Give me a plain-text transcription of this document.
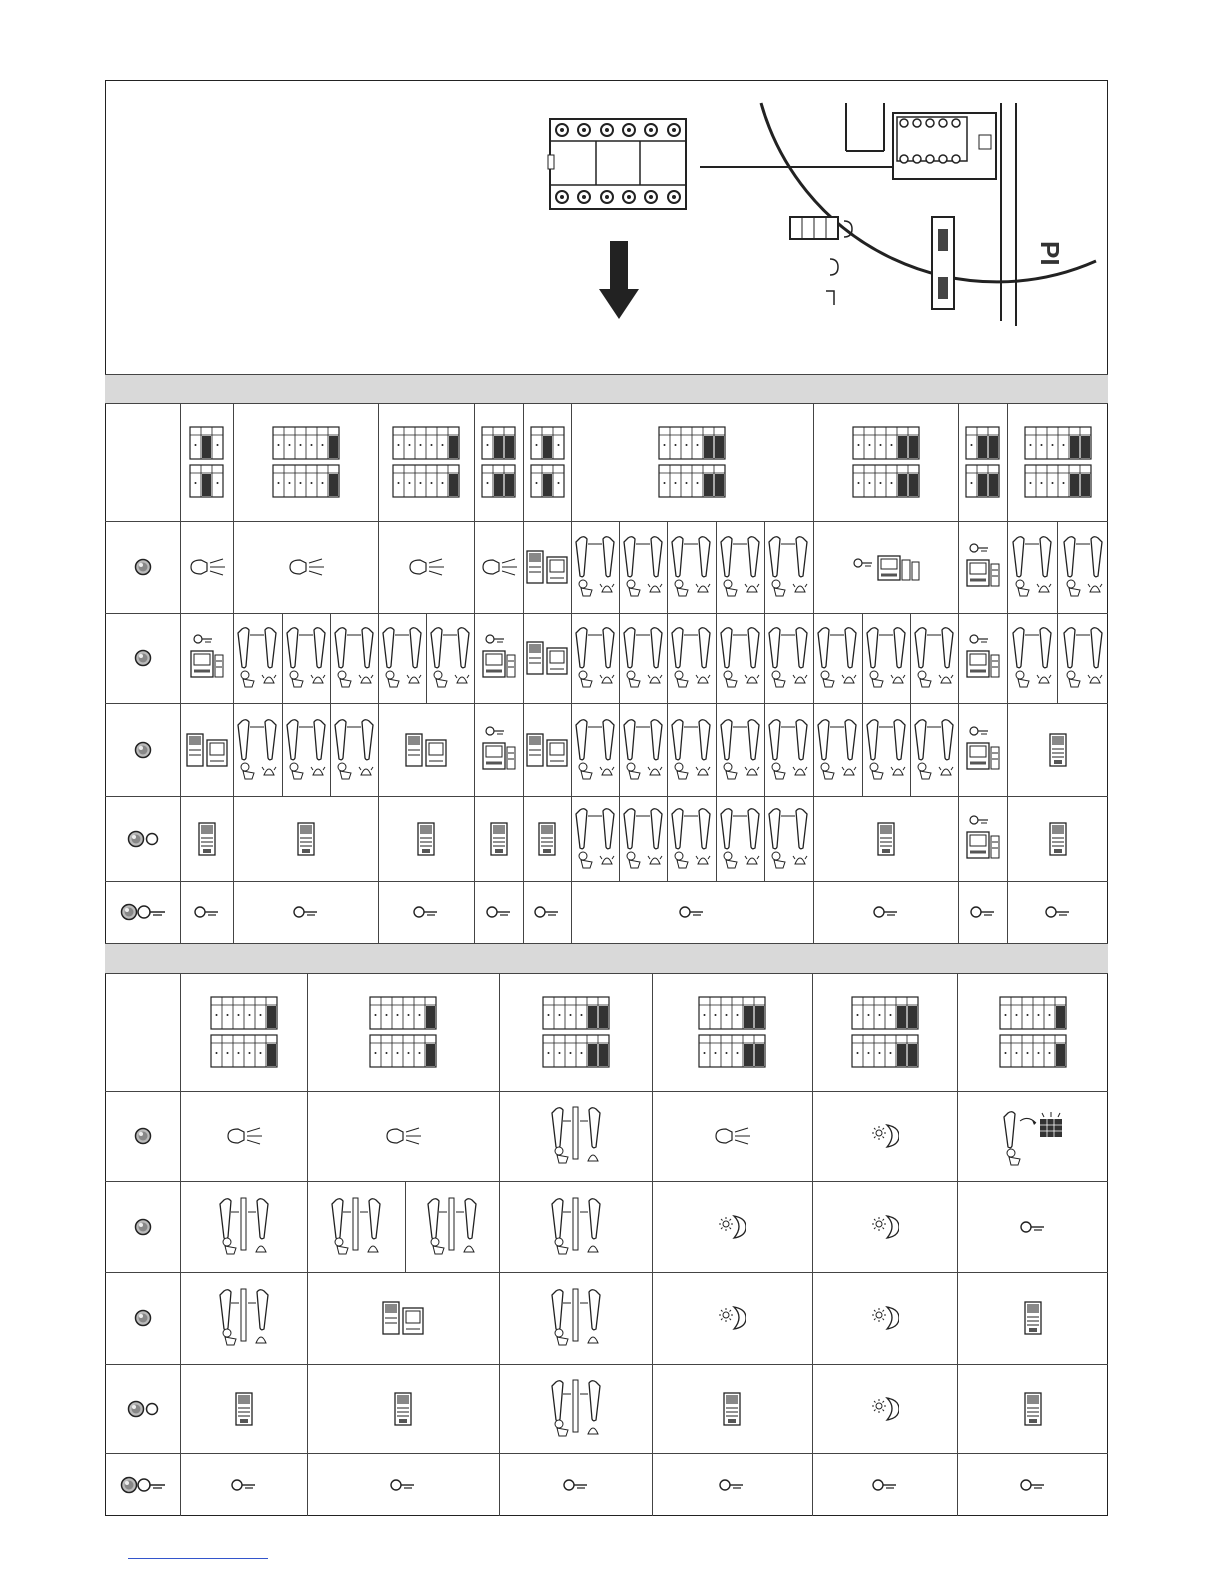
PI
